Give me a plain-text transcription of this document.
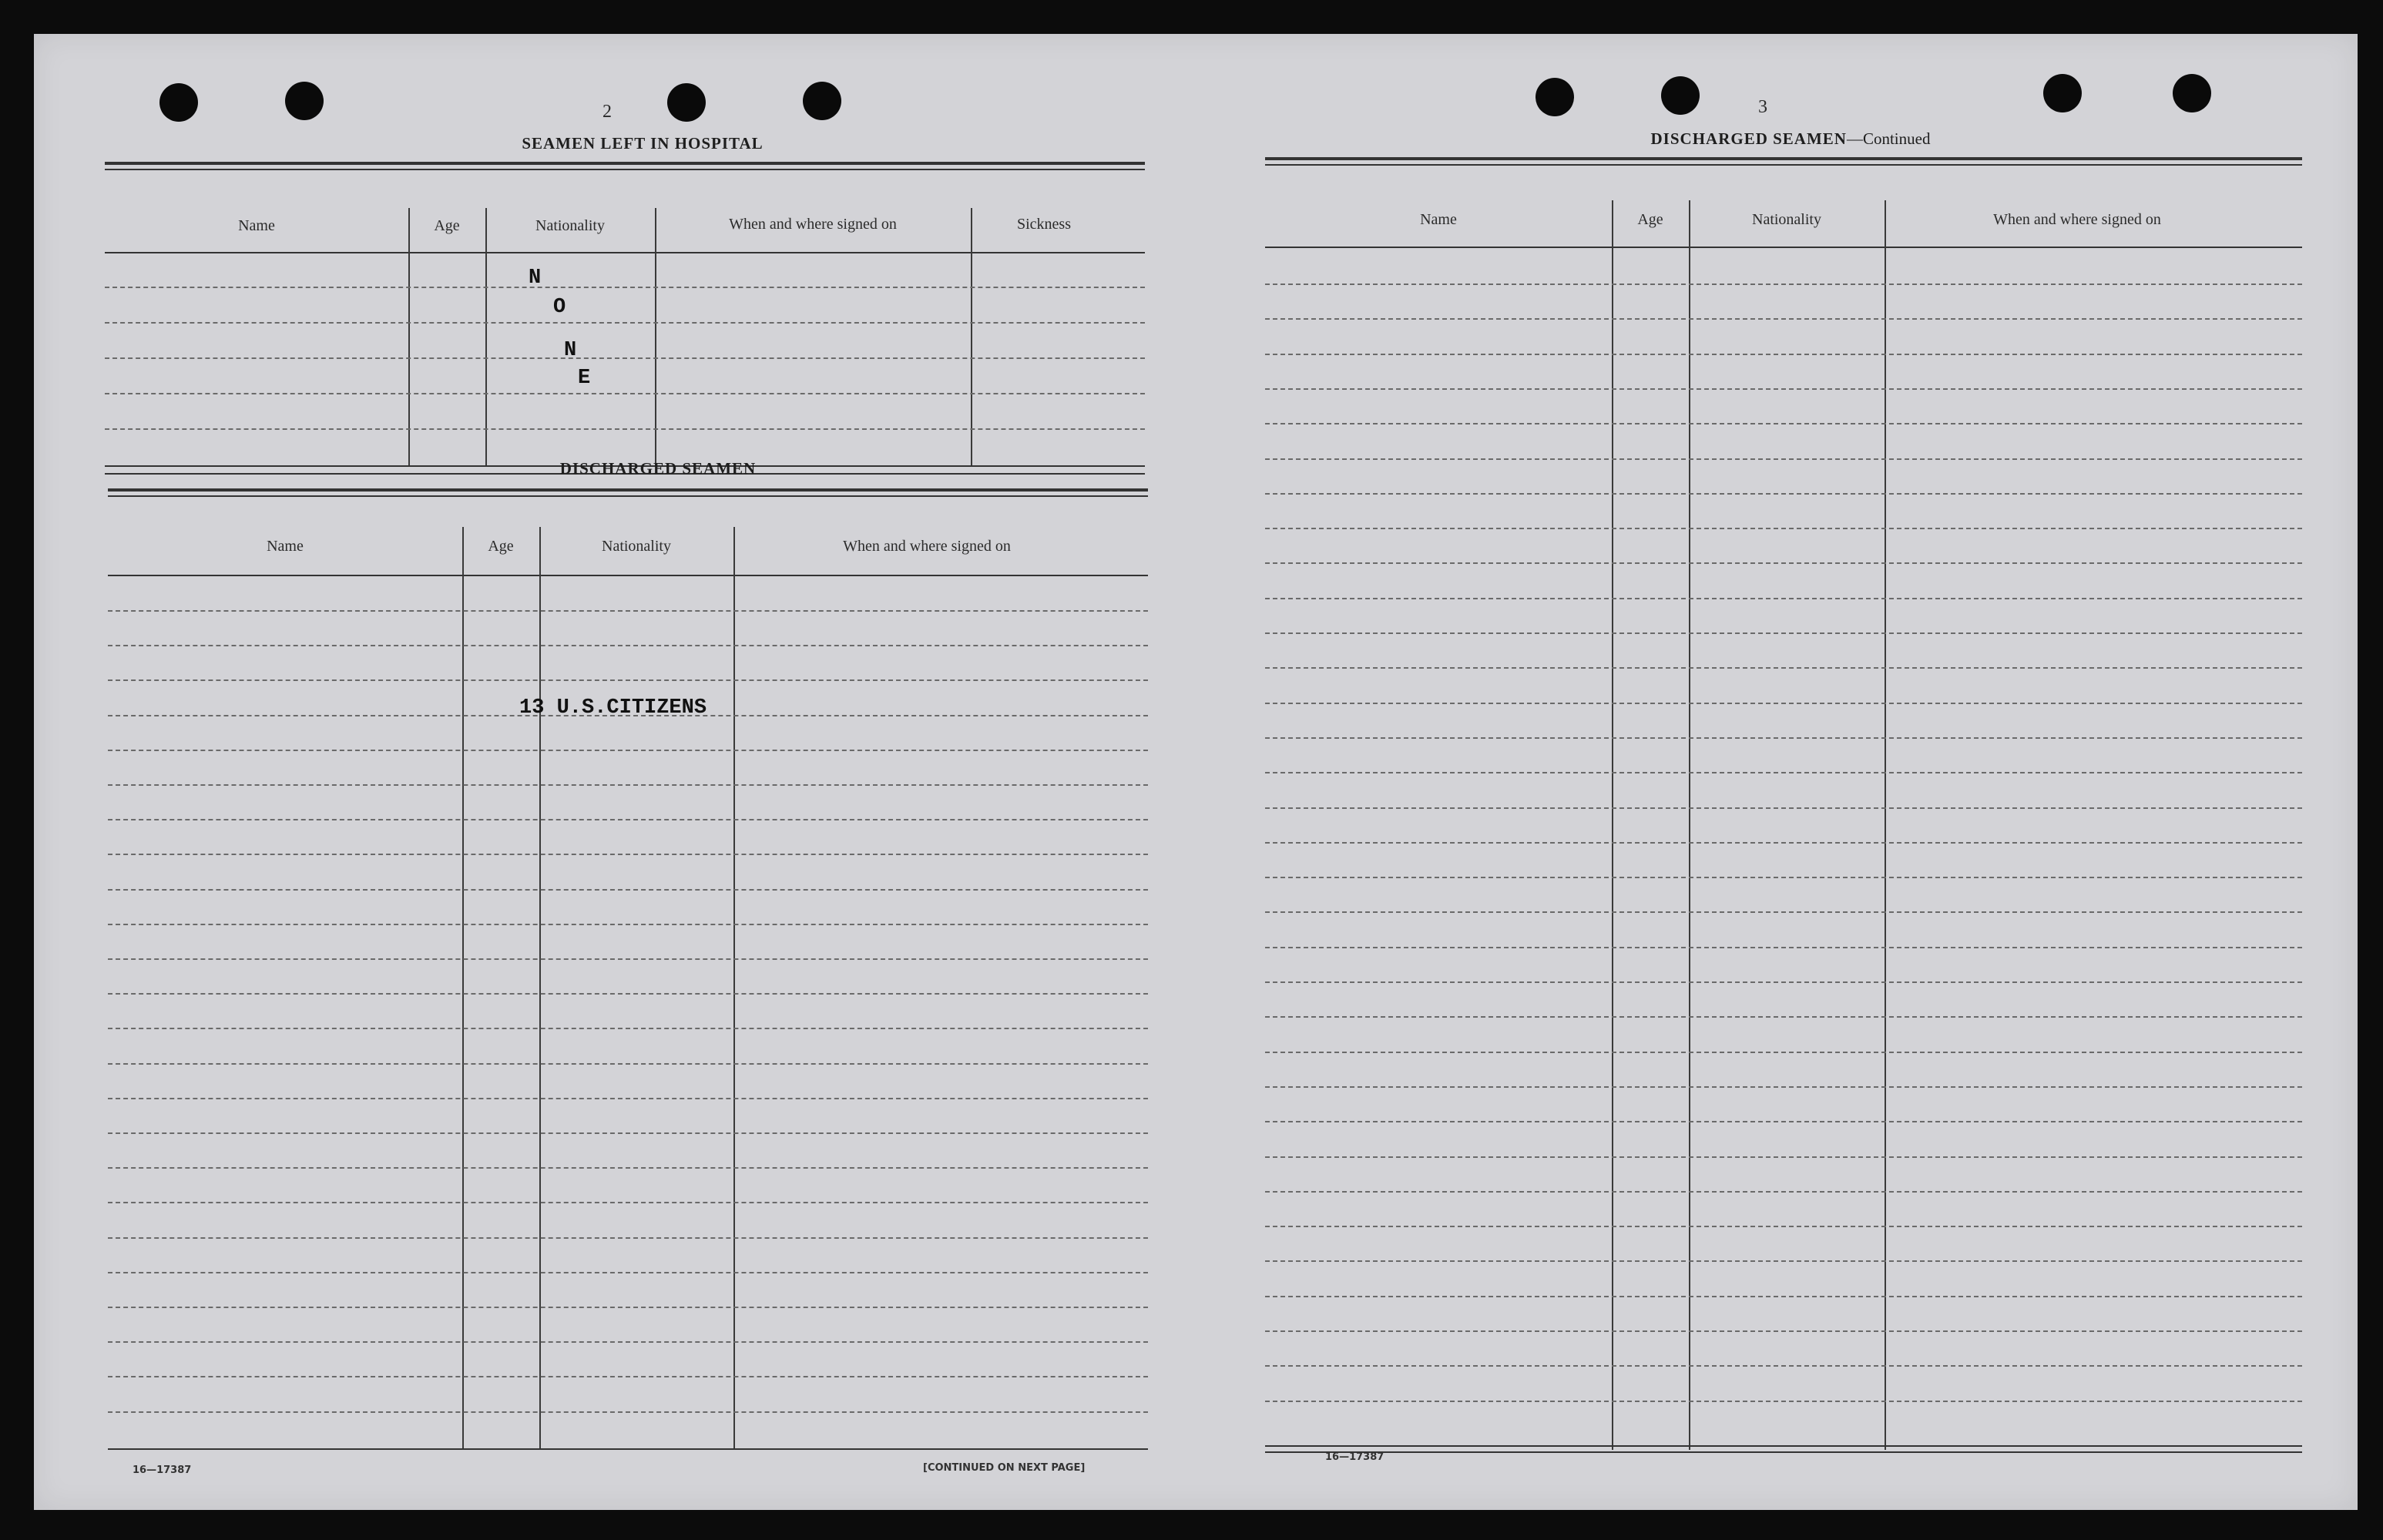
2
SEAMEN LEFT IN HOSPITAL
Name	Age	Nationality	When and where signed on	Sickness
N
O
N
E
DISCHARGED SEAMEN
Name	Age	Nationality	When and where signed on
13 U.S.CITIZENS
16—17387	[CONTINUED ON NEXT PAGE]
3
DISCHARGED SEAMEN—Continued
Name	Age	Nationality	When and where signed on
16—17387
